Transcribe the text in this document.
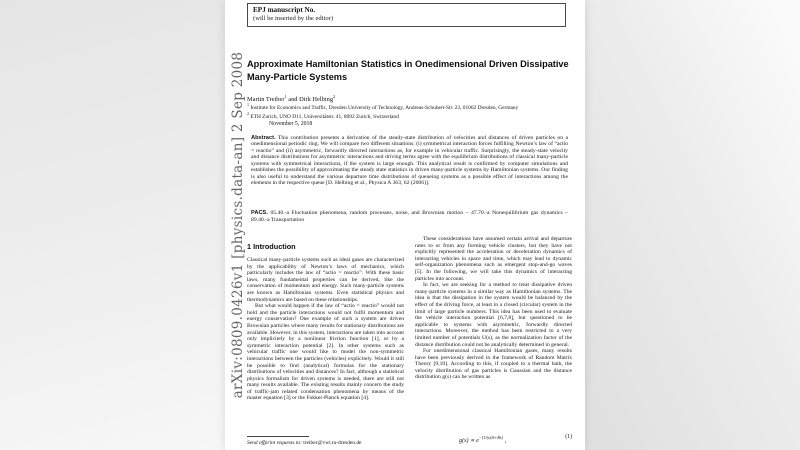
EPJ manuscript No.
(will be inserted by the editor)
Approximate Hamiltonian Statistics in Onedimensional Driven Dissipative Many-Particle Systems
Martin Treiber$^1$ and Dirk Helbing$^2$
$^1$ Institute for Economics and Traffic, Dresden University of Technology, Andreas-Schubert-Str. 23, 01062 Dresden, Germany
$^2$ ETH Zurich, UNO D11, Universitätstr. 41, 8092 Zurich, Switzerland
November 5, 2018
Abstract. This contribution presents a derivation of the steady-state distribution of velocities and distances of driven particles on a onedimensional periodic ring. We will compare two different situations: (i) symmetrical interaction forces fulfilling Newton’s law of “actio = reactio” and (ii) asymmetric, forwardly directed interactions as, for example in vehicular traffic. Surprisingly, the steady-state velocity and distance distributions for asymmetric interactions and driving terms agree with the equilibrium distributions of classical many-particle systems with symmetrical interactions, if the system is large enough. This analytical result is confirmed by computer simulations and establishes the possibility of approximating the steady state statistics in driven many-particle systems by Hamiltonian systems. Our finding is also useful to understand the various departure time distributions of queueing systems as a possible effect of interactions among the elements in the respective queue [D. Helbing et al., Physica A 363, 62 (2006)].
PACS. 05.40.-a Fluctuation phenomena, random processes, noise, and Brownian motion – 47.70.-a Nonequilibrium gas dynamics – 89.40.-a Transportation
1 Introduction

Classical many-particle systems such as ideal gases are characterized by the applicability of Newton’s laws of mechanics, which particularly includes the law of “actio = reactio”. With these basic laws, many fundamental properties can be derived, like the conservation of momentum and energy. Such many-particle systems are known as Hamiltonian systems. Even statistical physics and thermodynamics are based on these relationships.

But what would happen if the law of “actio = reactio” would not hold and the particle interactions would not fulfil momentum and energy conservation? One example of such a system are driven Brownian particles where many results for stationary distributions are available. However, in this system, interactions are taken into account only implicitely by a nonlinear friction function [1], or by a symmetric interaction potential [2]. In other systems such as vehicular traffic one would like to model the non-symmetric interactions between the particles (vehicles) explicitely. Would it still be possible to find (analytical) formulas for the stationary distributions of velocities and distances? In fact, although a statistical physics formalism for driven systems is needed, there are still not many results available. The existing results mainly concern the study of traffic-jam related condensation phenomena by means of the master equation [3] or the Fokker-Planck equation [4].

Send offprint requests to: treiber@vwi.tu-dresden.de

These considerations have assumed certain arrival and departure rates to or from any forming vehicle clusters, but they have not explicitly represented the acceleration or deceleration dynamics of interacting vehicles in space and time, which may lead to dynamic self-organization phenomena such as emergent stop-and-go waves [5]. In the following, we will take this dynamics of interacting particles into account.

In fact, we are seeking for a method to treat dissipative driven many-particle systems in a similar way as Hamiltonian systems. The idea is that the dissipation in the system would be balanced by the effect of the driving force, at least in a closed (circular) system in the limit of large particle numbers. This idea has been used to evaluate the vehicle interaction potential [6,7,8], but questioned to be applicable to systems with asymmetric, forwardly directed interactions. Moreover, the method has been restricted to a very limited number of potentials U(s), as the normalization factor of the distance distribution could not be analytically determined in general.

For onedimensional classical Hamiltonian gases, many results have been previously derived in the framework of Random Matrix Theory [9,10]. According to this, if coupled to a thermal bath, the velocity distribution of gas particles is Gaussian and the distance distribution g(s) can be written as

$g(s) \propto e^{-[U(s)/\theta+Bs]}$ ,
(1)
arXiv:0809.0426v1 [physics.data-an] 2 Sep 2008
